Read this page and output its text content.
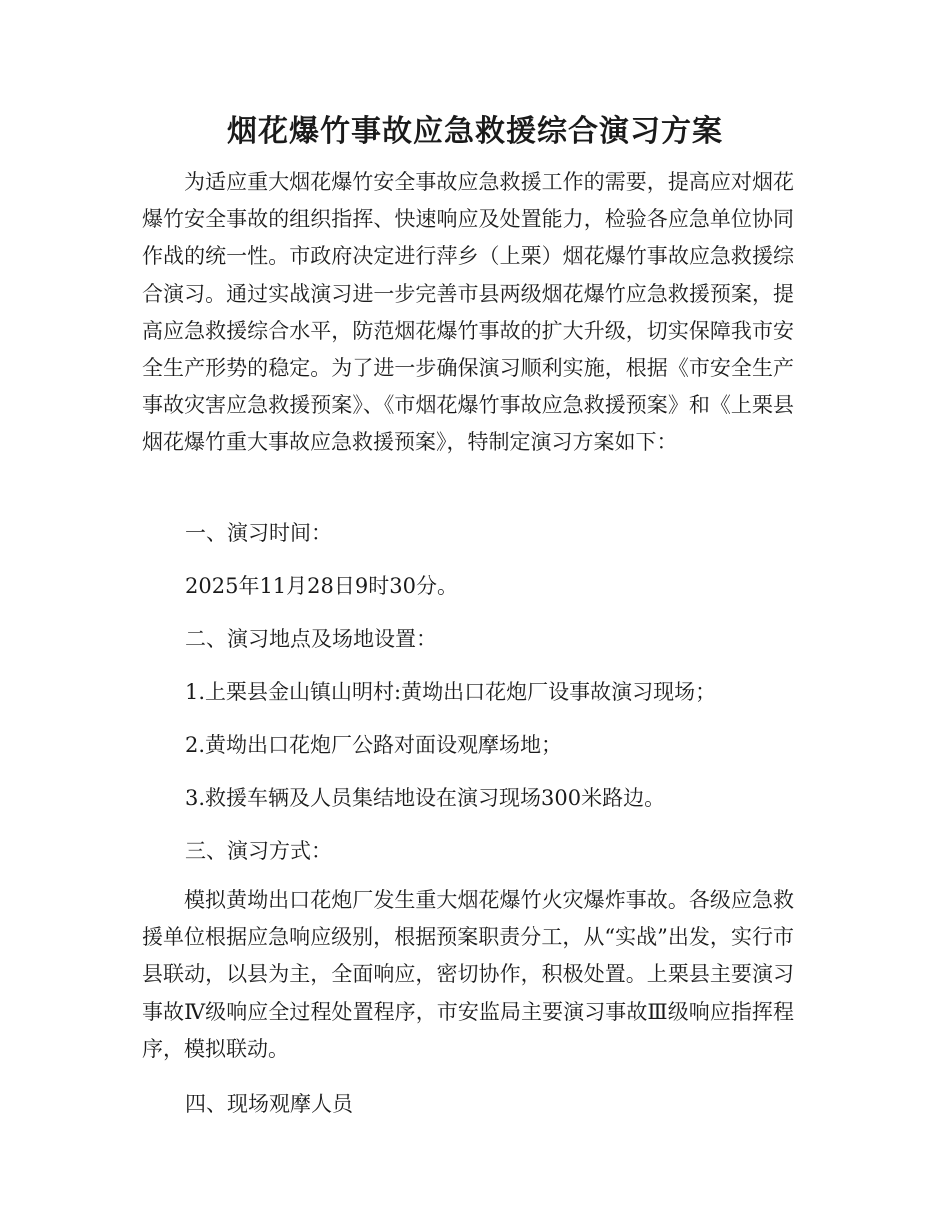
烟花爆竹事故应急救援综合演习方案

为适应重大烟花爆竹安全事故应急救援工作的需要，提高应对烟花爆竹安全事故的组织指挥、快速响应及处置能力，检验各应急单位协同作战的统一性。市政府决定进行萍乡（上栗）烟花爆竹事故应急救援综合演习。通过实战演习进一步完善市县两级烟花爆竹应急救援预案，提高应急救援综合水平，防范烟花爆竹事故的扩大升级，切实保障我市安全生产形势的稳定。为了进一步确保演习顺利实施，根据《市安全生产事故灾害应急救援预案》、《市烟花爆竹事故应急救援预案》和《上栗县烟花爆竹重大事故应急救援预案》，特制定演习方案如下：

一、演习时间：

2025年11月28日9时30分。

二、演习地点及场地设置：

1.上栗县金山镇山明村:黄坳出口花炮厂设事故演习现场；

2.黄坳出口花炮厂公路对面设观摩场地；

3.救援车辆及人员集结地设在演习现场300米路边。

三、演习方式：

模拟黄坳出口花炮厂发生重大烟花爆竹火灾爆炸事故。各级应急救援单位根据应急响应级别，根据预案职责分工，从“实战”出发，实行市县联动，以县为主，全面响应，密切协作，积极处置。上栗县主要演习事故Ⅳ级响应全过程处置程序，市安监局主要演习事故Ⅲ级响应指挥程序，模拟联动。

四、现场观摩人员
